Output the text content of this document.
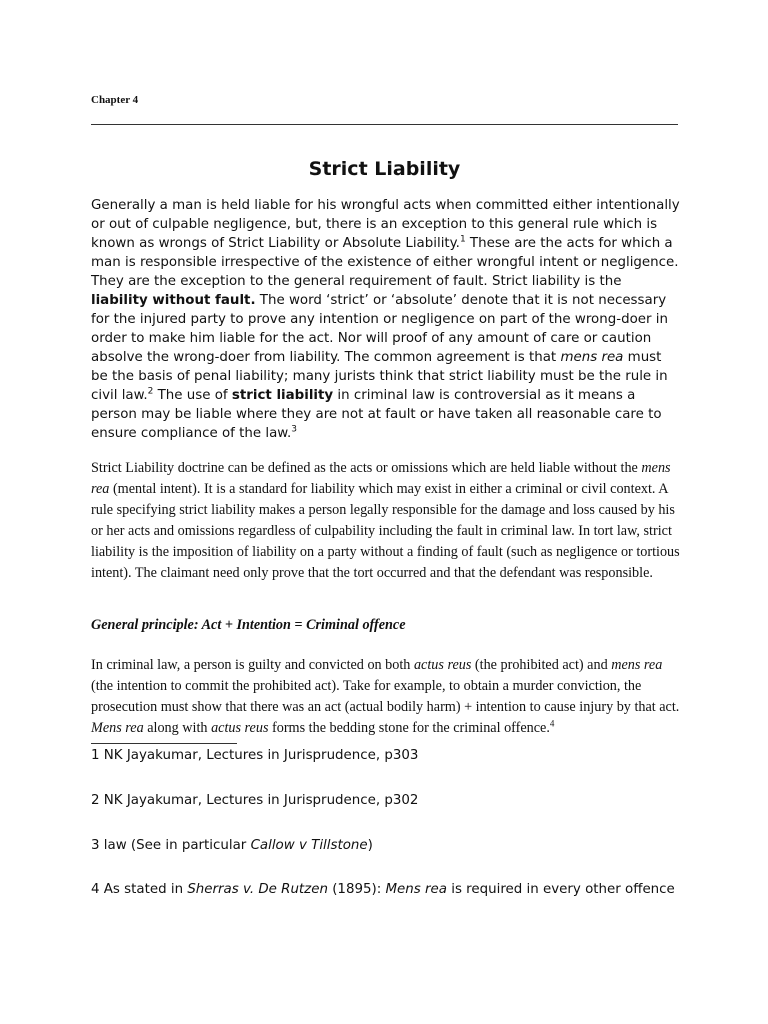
Chapter 4
Strict Liability
Generally a man is held liable for his wrongful acts when committed either intentionally or out of culpable negligence, but, there is an exception to this general rule which is known as wrongs of Strict Liability or Absolute Liability.$^1$ These are the acts for which a man is responsible irrespective of the existence of either wrongful intent or negligence. They are the exception to the general requirement of fault. Strict liability is the liability without fault. The word ‘strict’ or ‘absolute’ denote that it is not necessary for the injured party to prove any intention or negligence on part of the wrong-doer in order to make him liable for the act. Nor will proof of any amount of care or caution absolve the wrong-doer from liability. The common agreement is that mens rea must be the basis of penal liability; many jurists think that strict liability must be the rule in civil law.$^2$ The use of strict liability in criminal law is controversial as it means a person may be liable where they are not at fault or have taken all reasonable care to ensure compliance of the law.$^3$
Strict Liability doctrine can be defined as the acts or omissions which are held liable without the mens rea (mental intent). It is a standard for liability which may exist in either a criminal or civil context. A rule specifying strict liability makes a person legally responsible for the damage and loss caused by his or her acts and omissions regardless of culpability including the fault in criminal law. In tort law, strict liability is the imposition of liability on a party without a finding of fault (such as negligence or tortious intent). The claimant need only prove that the tort occurred and that the defendant was responsible.
General principle: Act + Intention = Criminal offence
In criminal law, a person is guilty and convicted on both actus reus (the prohibited act) and mens rea (the intention to commit the prohibited act). Take for example, to obtain a murder conviction, the prosecution must show that there was an act (actual bodily harm) + intention to cause injury by that act. Mens rea along with actus reus forms the bedding stone for the criminal offence.$^4$
1 NK Jayakumar, Lectures in Jurisprudence, p303
2 NK Jayakumar, Lectures in Jurisprudence, p302
3 law (See in particular Callow v Tillstone)
4 As stated in Sherras v. De Rutzen (1895): Mens rea is required in every other offence
